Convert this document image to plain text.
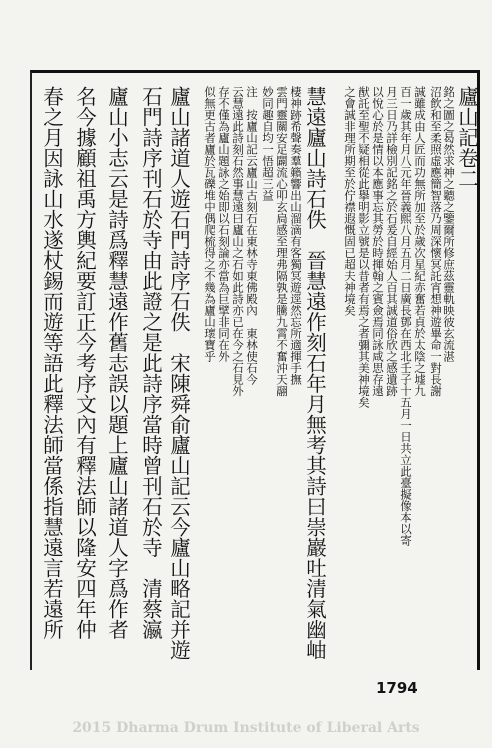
廬山記卷二
銘之圖之曷然求神之聽之鑒爾所修庶茲靈軌映彼玄流湛
沼飲和至柔照虛應簡智落乃周深懷冥託宵想神遊畢命一對長謝
誠雖成由人匠而功無所加至於歲次星紀赤奮若貞於太陰之墟九
百一歲其年月八元年晉義熙八月五月二日廣長鄧在西北壬子十五月一日共立此臺擬像本以寄
月三日乃詳檢別記銘之於石爰自經始人百其誠道俗欣之感遺跡
以悅心於是情以本應事忘其勞於時揮翰之賓僉焉同詠咸思存遠
猷託至聖不疑相從此擧明影立號是以昔者有焉之者彌其美神境矣
之會誠非理所期至於佇襟遐慨固已超夫神境矣
慧遠廬山詩石佚　晉慧遠作刻石年月無考其詩曰崇巖吐清氣幽岫
棲神跡希聲奏羣籟響出山溜滴有客獨冥遊逕然忘所適揮手撫
雲門靈關安足闢流心叩玄扃感至理弗隔孰是騰九霄不奮沖天翮
妙同趣自均一悟超三益
注　按廬山記云廬山古刻石在東林寺東佛殿內　東林使石今
云慧遠此詩刻石然事慧遠曰廬山之石如此詩亦已在今之石見外
存不僅為廬山題詠之始即以石刻論亦當為巨擘非同在外
似無更古者廬於瓦礫堆中偶爬梳得之不幾為廬山瓌寶乎
廬山諸道人遊石門詩序石佚　宋陳舜俞廬山記云今廬山略記并遊
石門詩序刊石於寺由此證之是此詩序當時曾刊石於寺　清蔡瀛
廬山小志云是詩爲釋慧遠作舊志誤以題上廬山諸道人字爲作者
名今據顧祖禹方輿紀要訂正今考序文內有釋法師以隆安四年仲
春之月因詠山水遂杖錫而遊等語此釋法師當係指慧遠言若遠所
1794
2015 Dharma Drum Institute of Liberal Arts
